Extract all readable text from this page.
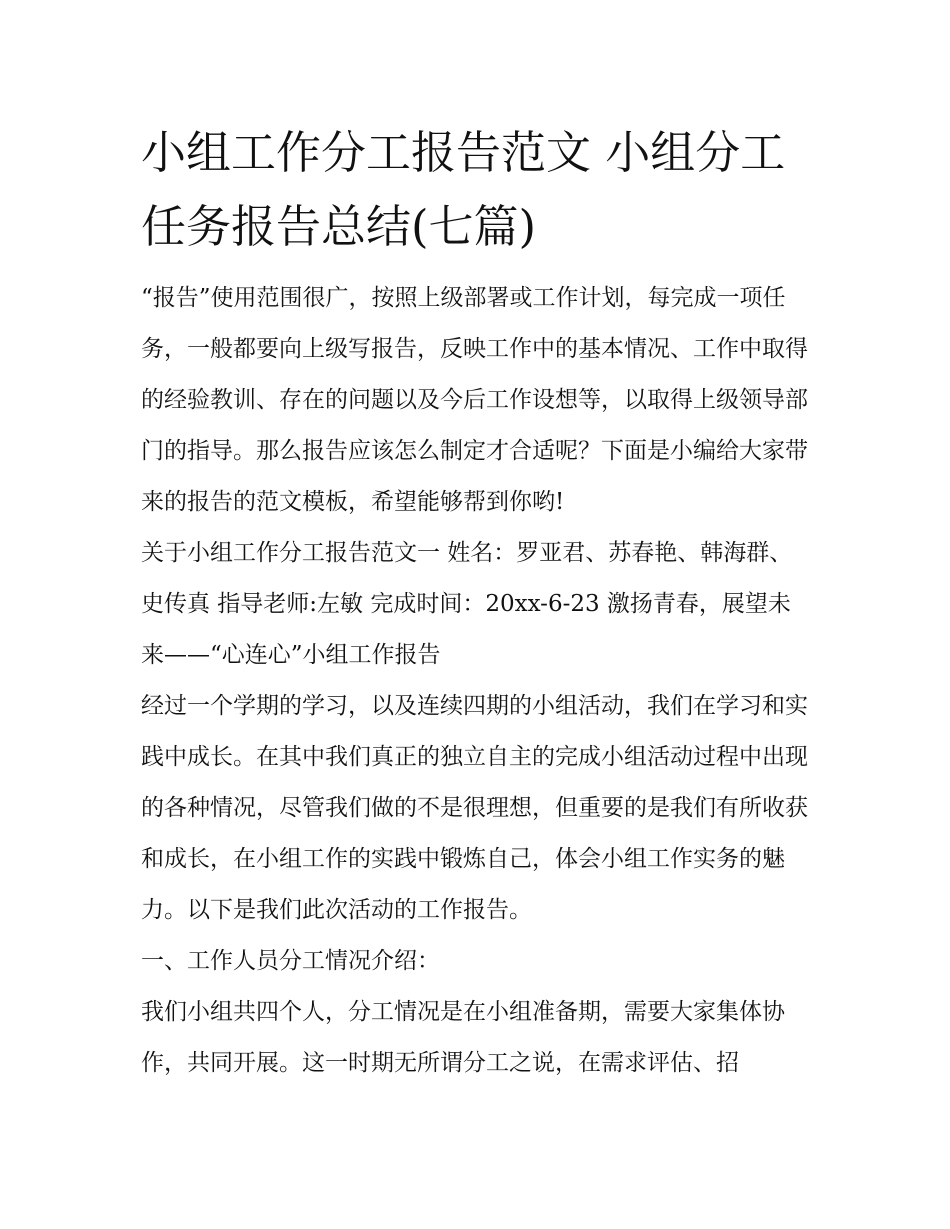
小组工作分工报告范文 小组分工任务报告总结(七篇)

“报告”使用范围很广，按照上级部署或工作计划，每完成一项任务，一般都要向上级写报告，反映工作中的基本情况、工作中取得的经验教训、存在的问题以及今后工作设想等，以取得上级领导部门的指导。那么报告应该怎么制定才合适呢？下面是小编给大家带来的报告的范文模板，希望能够帮到你哟!

关于小组工作分工报告范文一 姓名：罗亚君、苏春艳、韩海群、史传真 指导老师:左敏 完成时间：20xx-6-23 激扬青春，展望未来——“心连心”小组工作报告

经过一个学期的学习，以及连续四期的小组活动，我们在学习和实践中成长。在其中我们真正的独立自主的完成小组活动过程中出现的各种情况，尽管我们做的不是很理想，但重要的是我们有所收获和成长，在小组工作的实践中锻炼自己，体会小组工作实务的魅力。以下是我们此次活动的工作报告。

一、工作人员分工情况介绍：

我们小组共四个人，分工情况是在小组准备期，需要大家集体协作，共同开展。这一时期无所谓分工之说，在需求评估、招
